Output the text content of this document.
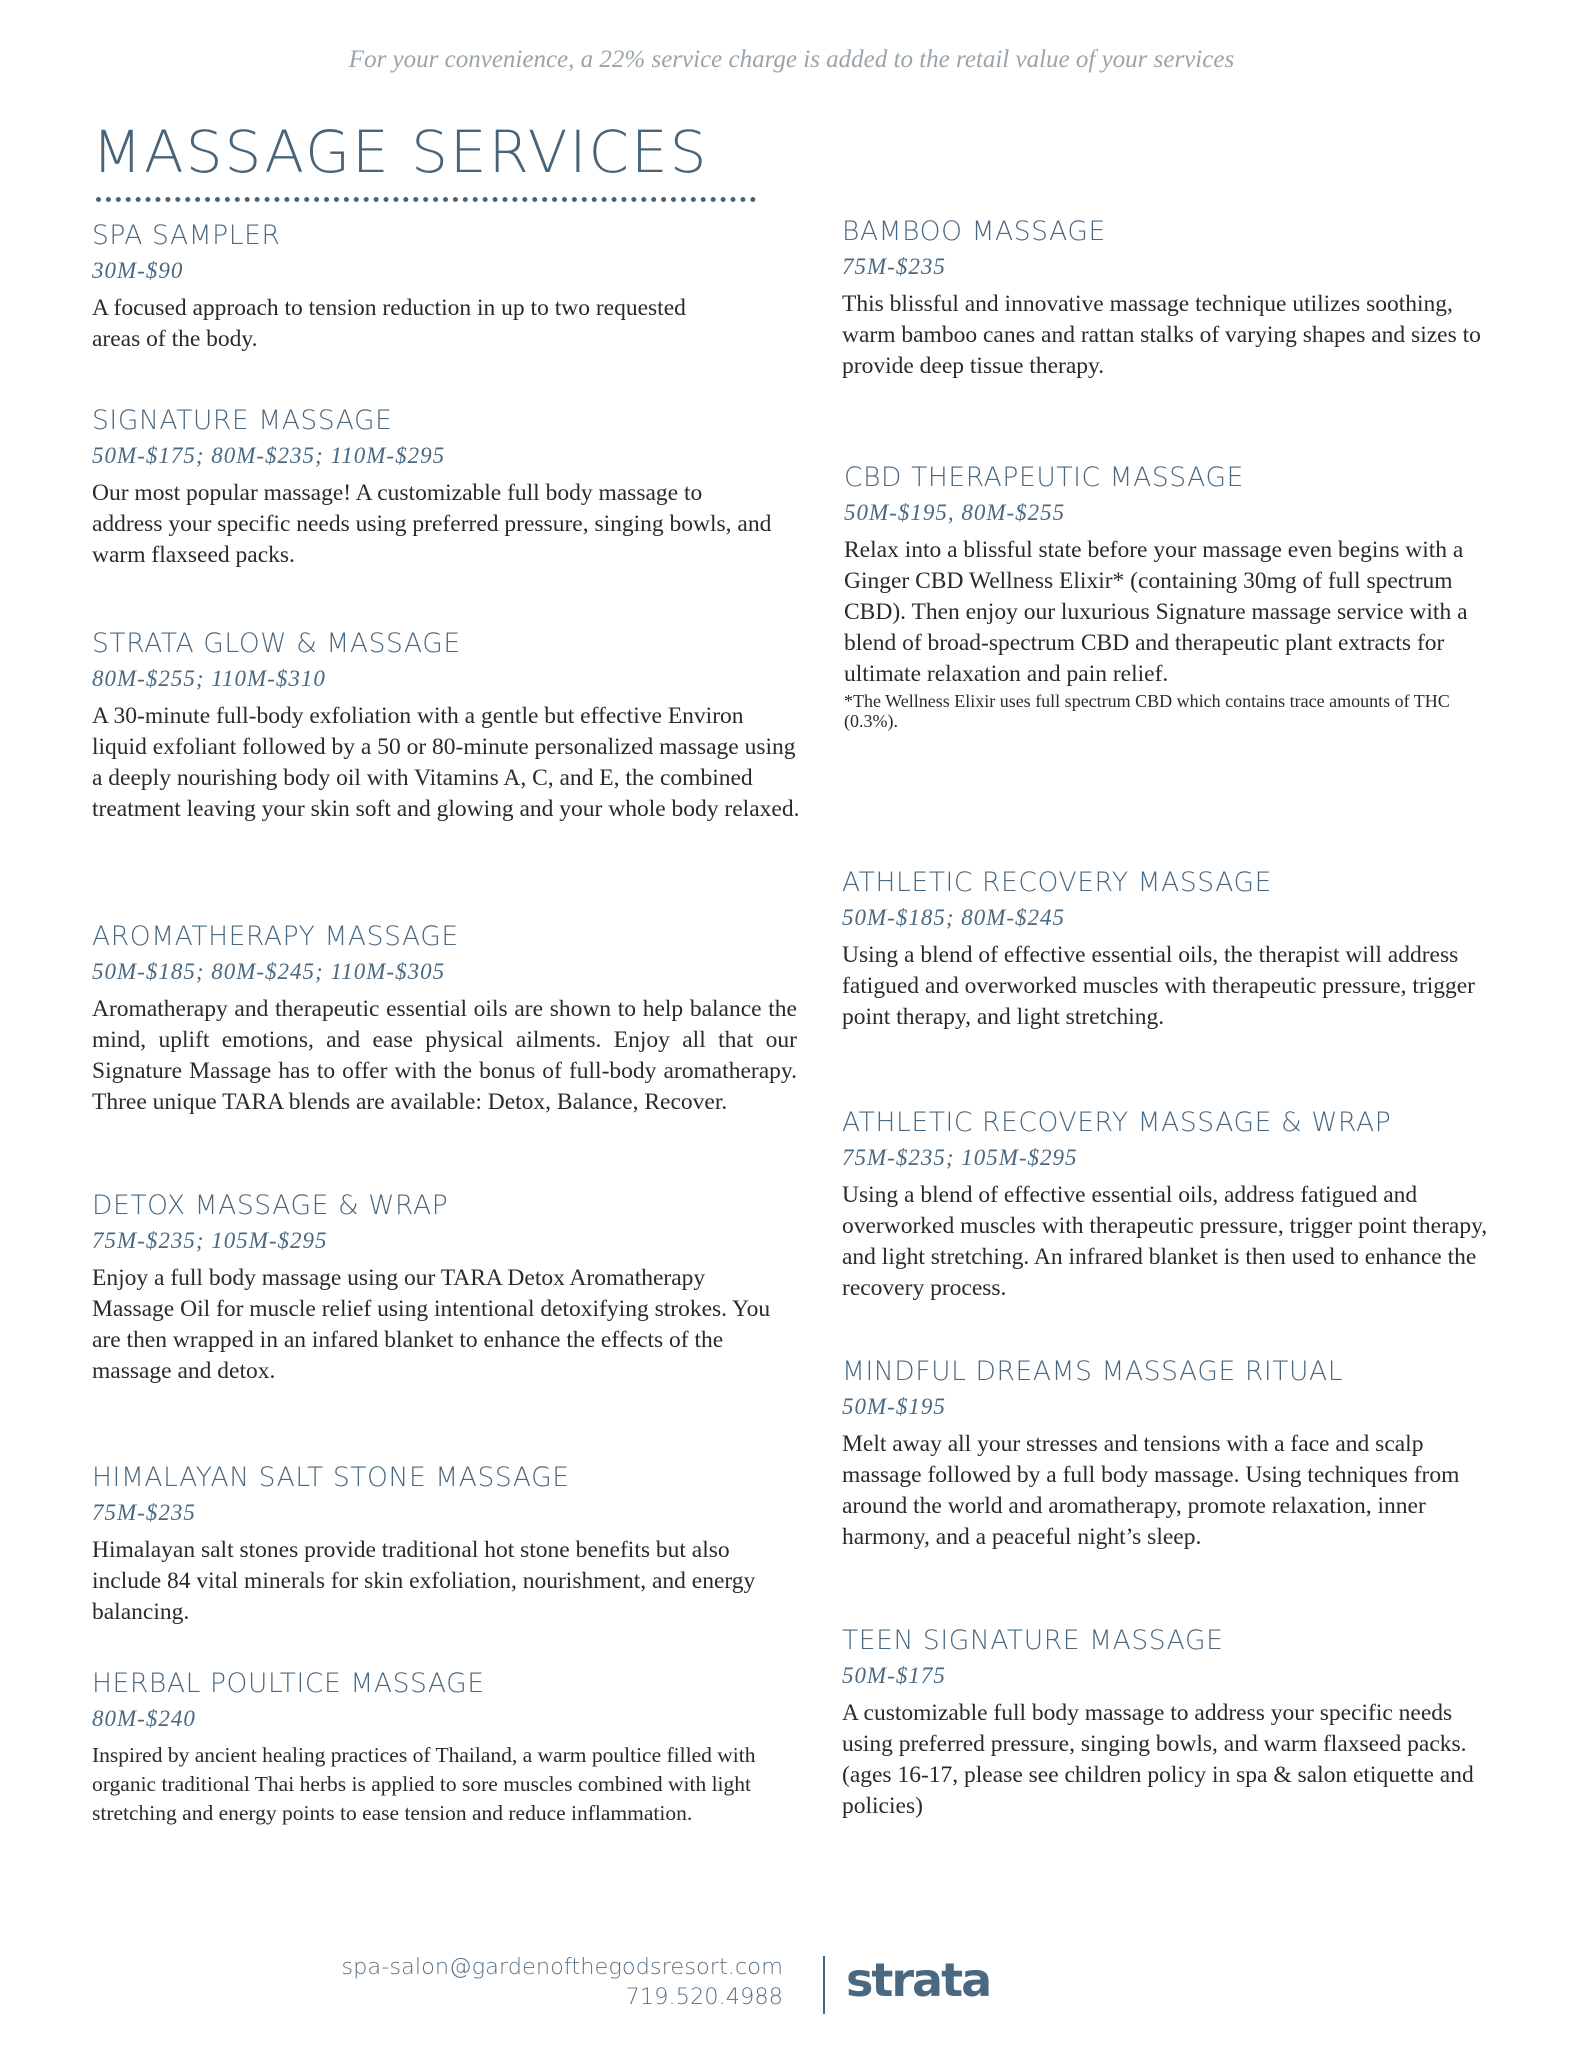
For your convenience, a 22% service charge is added to the retail value of your services
MASSAGE SERVICES
SPA SAMPLER
30M-$90

A focused approach to tension reduction in up to two requested areas of the body.

SIGNATURE MASSAGE
50M-$175; 80M-$235; 110M-$295

Our most popular massage! A customizable full body massage to address your specific needs using preferred pressure, singing bowls, and warm flaxseed packs.

STRATA GLOW & MASSAGE
80M-$255; 110M-$310

A 30-minute full-body exfoliation with a gentle but effective Environ liquid exfoliant followed by a 50 or 80-minute personalized massage using a deeply nourishing body oil with Vitamins A, C, and E, the combined treatment leaving your skin soft and glowing and your whole body relaxed.

AROMATHERAPY MASSAGE
50M-$185; 80M-$245; 110M-$305

Aromatherapy and therapeutic essential oils are shown to help balance the mind, uplift emotions, and ease physical ailments. Enjoy all that our Signature Massage has to offer with the bonus of full-body aromatherapy. Three unique TARA blends are available: Detox, Balance, Recover.

DETOX MASSAGE & WRAP
75M-$235; 105M-$295

Enjoy a full body massage using our TARA Detox Aromatherapy Massage Oil for muscle relief using intentional detoxifying strokes. You are then wrapped in an infared blanket to enhance the effects of the massage and detox.

HIMALAYAN SALT STONE MASSAGE
75M-$235

Himalayan salt stones provide traditional hot stone benefits but also include 84 vital minerals for skin exfoliation, nourishment, and energy balancing.

HERBAL POULTICE MASSAGE
80M-$240

Inspired by ancient healing practices of Thailand, a warm poultice filled with organic traditional Thai herbs is applied to sore muscles combined with light stretching and energy points to ease tension and reduce inflammation.

BAMBOO MASSAGE
75M-$235

This blissful and innovative massage technique utilizes soothing, warm bamboo canes and rattan stalks of varying shapes and sizes to provide deep tissue therapy.

CBD THERAPEUTIC MASSAGE
50M-$195, 80M-$255

Relax into a blissful state before your massage even begins with a Ginger CBD Wellness Elixir* (containing 30mg of full spectrum CBD). Then enjoy our luxurious Signature massage service with a blend of broad-spectrum CBD and therapeutic plant extracts for ultimate relaxation and pain relief.

*The Wellness Elixir uses full spectrum CBD which contains trace amounts of THC (0.3%).

ATHLETIC RECOVERY MASSAGE
50M-$185; 80M-$245

Using a blend of effective essential oils, the therapist will address fatigued and overworked muscles with therapeutic pressure, trigger point therapy, and light stretching.

ATHLETIC RECOVERY MASSAGE & WRAP
75M-$235; 105M-$295

Using a blend of effective essential oils, address fatigued and overworked muscles with therapeutic pressure, trigger point therapy, and light stretching. An infrared blanket is then used to enhance the recovery process.

MINDFUL DREAMS MASSAGE RITUAL
50M-$195

Melt away all your stresses and tensions with a face and scalp massage followed by a full body massage. Using techniques from around the world and aromatherapy, promote relaxation, inner harmony, and a peaceful night’s sleep.

TEEN SIGNATURE MASSAGE
50M-$175

A customizable full body massage to address your specific needs using preferred pressure, singing bowls, and warm flaxseed packs. (ages 16-17, please see children policy in spa & salon etiquette and policies)

spa-salon@gardenofthegodsresort.com
719.520.4988 strata
